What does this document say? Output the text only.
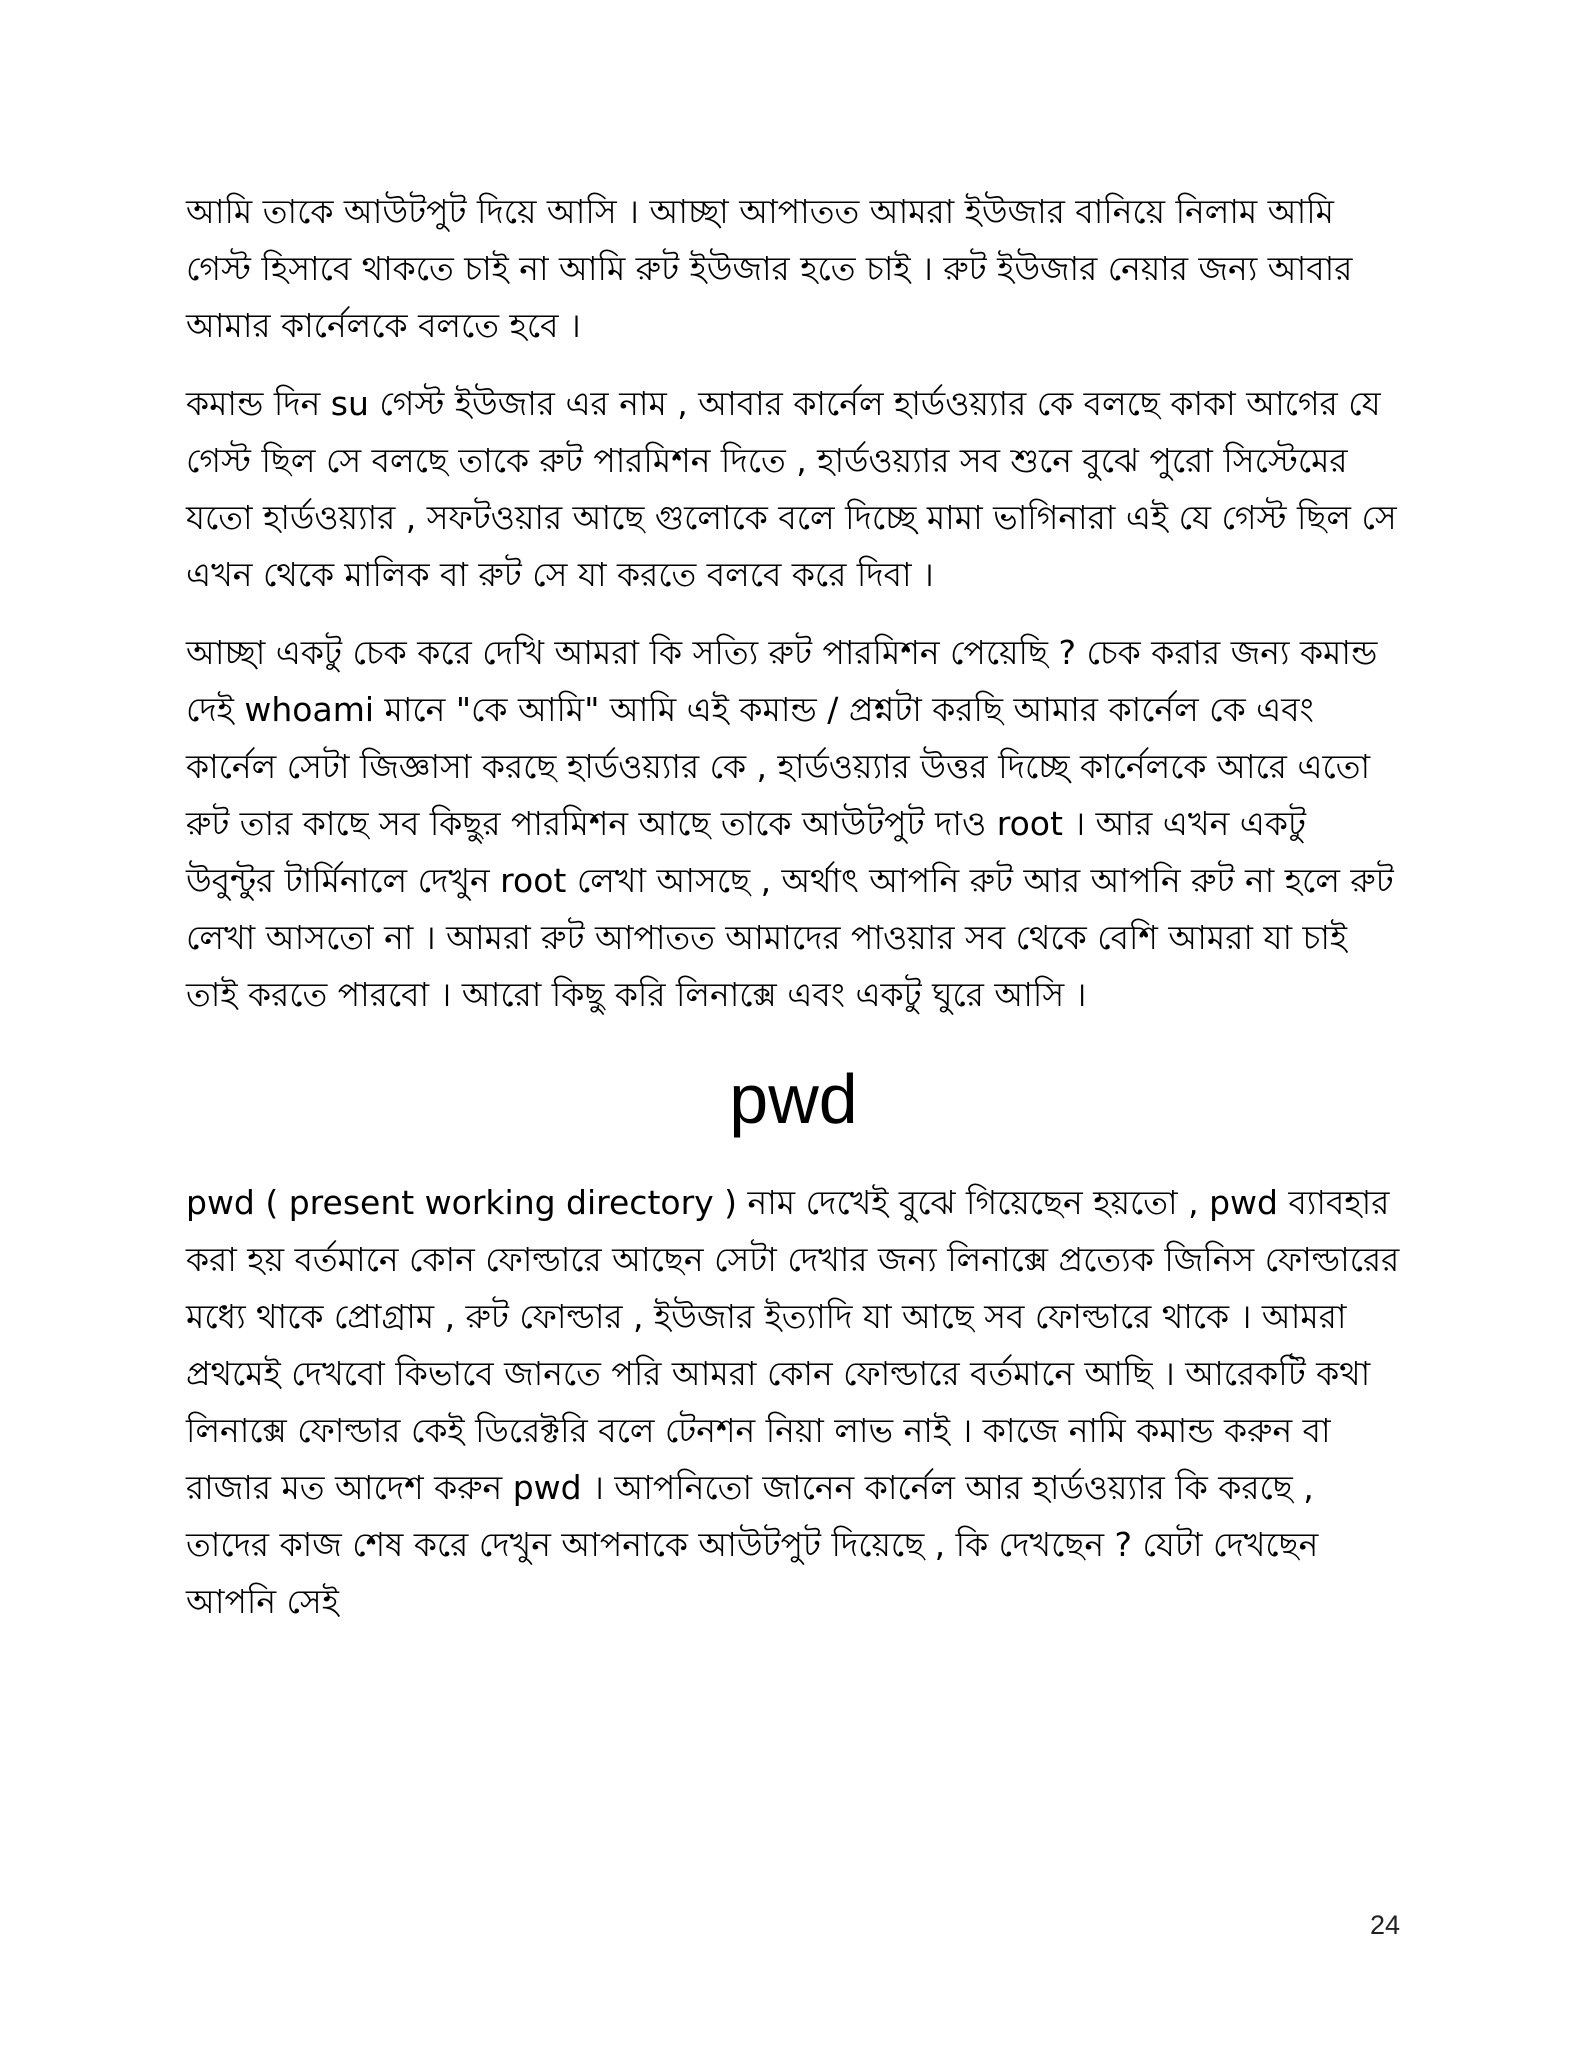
আমি তাকে আউটপুট দিয়ে আসি । আচ্ছা আপাতত আমরা ইউজার বানিয়ে নিলাম আমি গেস্ট হিসাবে থাকতে চাই না আমি রুট ইউজার হতে চাই । রুট ইউজার নেয়ার জন্য আবার আমার কার্নেলকে বলতে হবে ।

কমান্ড দিন su গেস্ট ইউজার এর নাম , আবার কার্নেল হার্ডওয়্যার কে বলছে কাকা আগের যে গেস্ট ছিল সে বলছে তাকে রুট পারমিশন দিতে , হার্ডওয়্যার সব শুনে বুঝে পুরো সিস্টেমের যতো হার্ডওয়্যার , সফটওয়ার আছে গুলোকে বলে দিচ্ছে মামা ভাগিনারা এই যে গেস্ট ছিল সে এখন থেকে মালিক বা রুট সে যা করতে বলবে করে দিবা ।

আচ্ছা একটু চেক করে দেখি আমরা কি সত্যি রুট পারমিশন পেয়েছি ? চেক করার জন্য কমান্ড দেই whoami মানে "কে আমি" আমি এই কমান্ড / প্রশ্নটা করছি আমার কার্নেল কে এবং কার্নেল সেটা জিজ্ঞাসা করছে হার্ডওয়্যার কে , হার্ডওয়্যার উত্তর দিচ্ছে কার্নেলকে আরে এতো রুট তার কাছে সব কিছুর পারমিশন আছে তাকে আউটপুট দাও root । আর এখন একটু উবুন্টুর টার্মিনালে দেখুন root লেখা আসছে , অর্থাৎ আপনি রুট আর আপনি রুট না হলে রুট লেখা আসতো না । আমরা রুট আপাতত আমাদের পাওয়ার সব থেকে বেশি আমরা যা চাই তাই করতে পারবো । আরো কিছু করি লিনাক্সে এবং একটু ঘুরে আসি ।

pwd

pwd ( present working directory ) নাম দেখেই বুঝে গিয়েছেন হয়তো , pwd ব্যাবহার করা হয় বর্তমানে কোন ফোল্ডারে আছেন সেটা দেখার জন্য লিনাক্সে প্রত্যেক জিনিস ফোল্ডারের মধ্যে থাকে প্রোগ্রাম , রুট ফোল্ডার , ইউজার ইত্যাদি যা আছে সব ফোল্ডারে থাকে । আমরা প্রথমেই দেখবো কিভাবে জানতে পরি আমরা কোন ফোল্ডারে বর্তমানে আছি । আরেকটি কথা লিনাক্সে ফোল্ডার কেই ডিরেক্টরি বলে টেনশন নিয়া লাভ নাই । কাজে নামি কমান্ড করুন বা রাজার মত আদেশ করুন pwd । আপনিতো জানেন কার্নেল আর হার্ডওয়্যার কি করছে , তাদের কাজ শেষ করে দেখুন আপনাকে আউটপুট দিয়েছে , কি দেখছেন ? যেটা দেখছেন আপনি সেই

24
